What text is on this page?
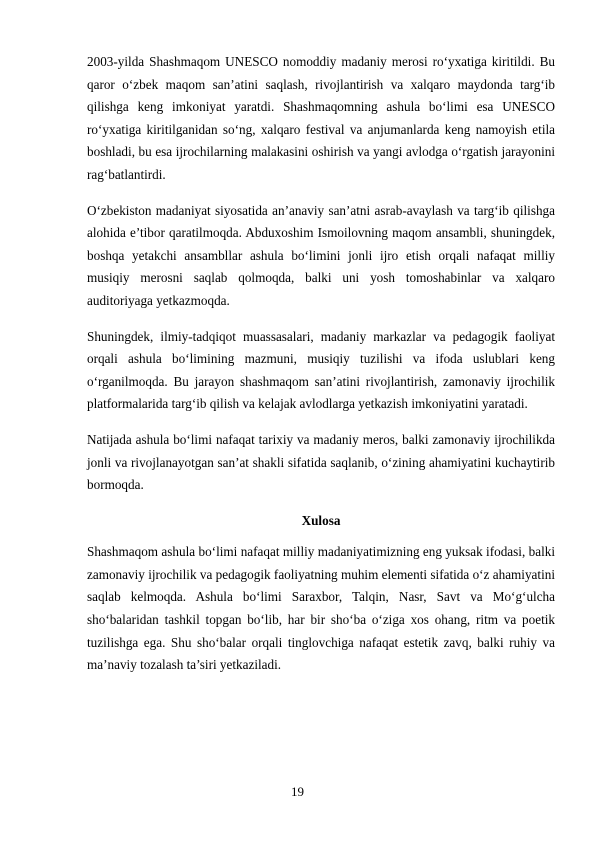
2003-yilda Shashmaqom UNESCO nomoddiy madaniy merosi ro‘yxatiga kiritildi. Bu qaror o‘zbek maqom san’atini saqlash, rivojlantirish va xalqaro maydonda targ‘ib qilishga keng imkoniyat yaratdi. Shashmaqomning ashula bo‘limi esa UNESCO ro‘yxatiga kiritilganidan so‘ng, xalqaro festival va anjumanlarda keng namoyish etila boshladi, bu esa ijrochilarning malakasini oshirish va yangi avlodga o‘rgatish jarayonini rag‘batlantirdi.

O‘zbekiston madaniyat siyosatida an’anaviy san’atni asrab-avaylash va targ‘ib qilishga alohida e’tibor qaratilmoqda. Abduxoshim Ismoilovning maqom ansambli, shuningdek, boshqa yetakchi ansambllar ashula bo‘limini jonli ijro etish orqali nafaqat milliy musiqiy merosni saqlab qolmoqda, balki uni yosh tomoshabinlar va xalqaro auditoriyaga yetkazmoqda.

Shuningdek, ilmiy-tadqiqot muassasalari, madaniy markazlar va pedagogik faoliyat orqali ashula bo‘limining mazmuni, musiqiy tuzilishi va ifoda uslublari keng o‘rganilmoqda. Bu jarayon shashmaqom san’atini rivojlantirish, zamonaviy ijrochilik platformalarida targ‘ib qilish va kelajak avlodlarga yetkazish imkoniyatini yaratadi.

Natijada ashula bo‘limi nafaqat tarixiy va madaniy meros, balki zamonaviy ijrochilikda jonli va rivojlanayotgan san’at shakli sifatida saqlanib, o‘zining ahamiyatini kuchaytirib bormoqda.

Xulosa

Shashmaqom ashula bo‘limi nafaqat milliy madaniyatimizning eng yuksak ifodasi, balki zamonaviy ijrochilik va pedagogik faoliyatning muhim elementi sifatida o‘z ahamiyatini saqlab kelmoqda. Ashula bo‘limi Saraxbor, Talqin, Nasr, Savt va Mo‘g‘ulcha sho‘balaridan tashkil topgan bo‘lib, har bir sho‘ba o‘ziga xos ohang, ritm va poetik tuzilishga ega. Shu sho‘balar orqali tinglovchiga nafaqat estetik zavq, balki ruhiy va ma’naviy tozalash ta’siri yetkaziladi.

19
